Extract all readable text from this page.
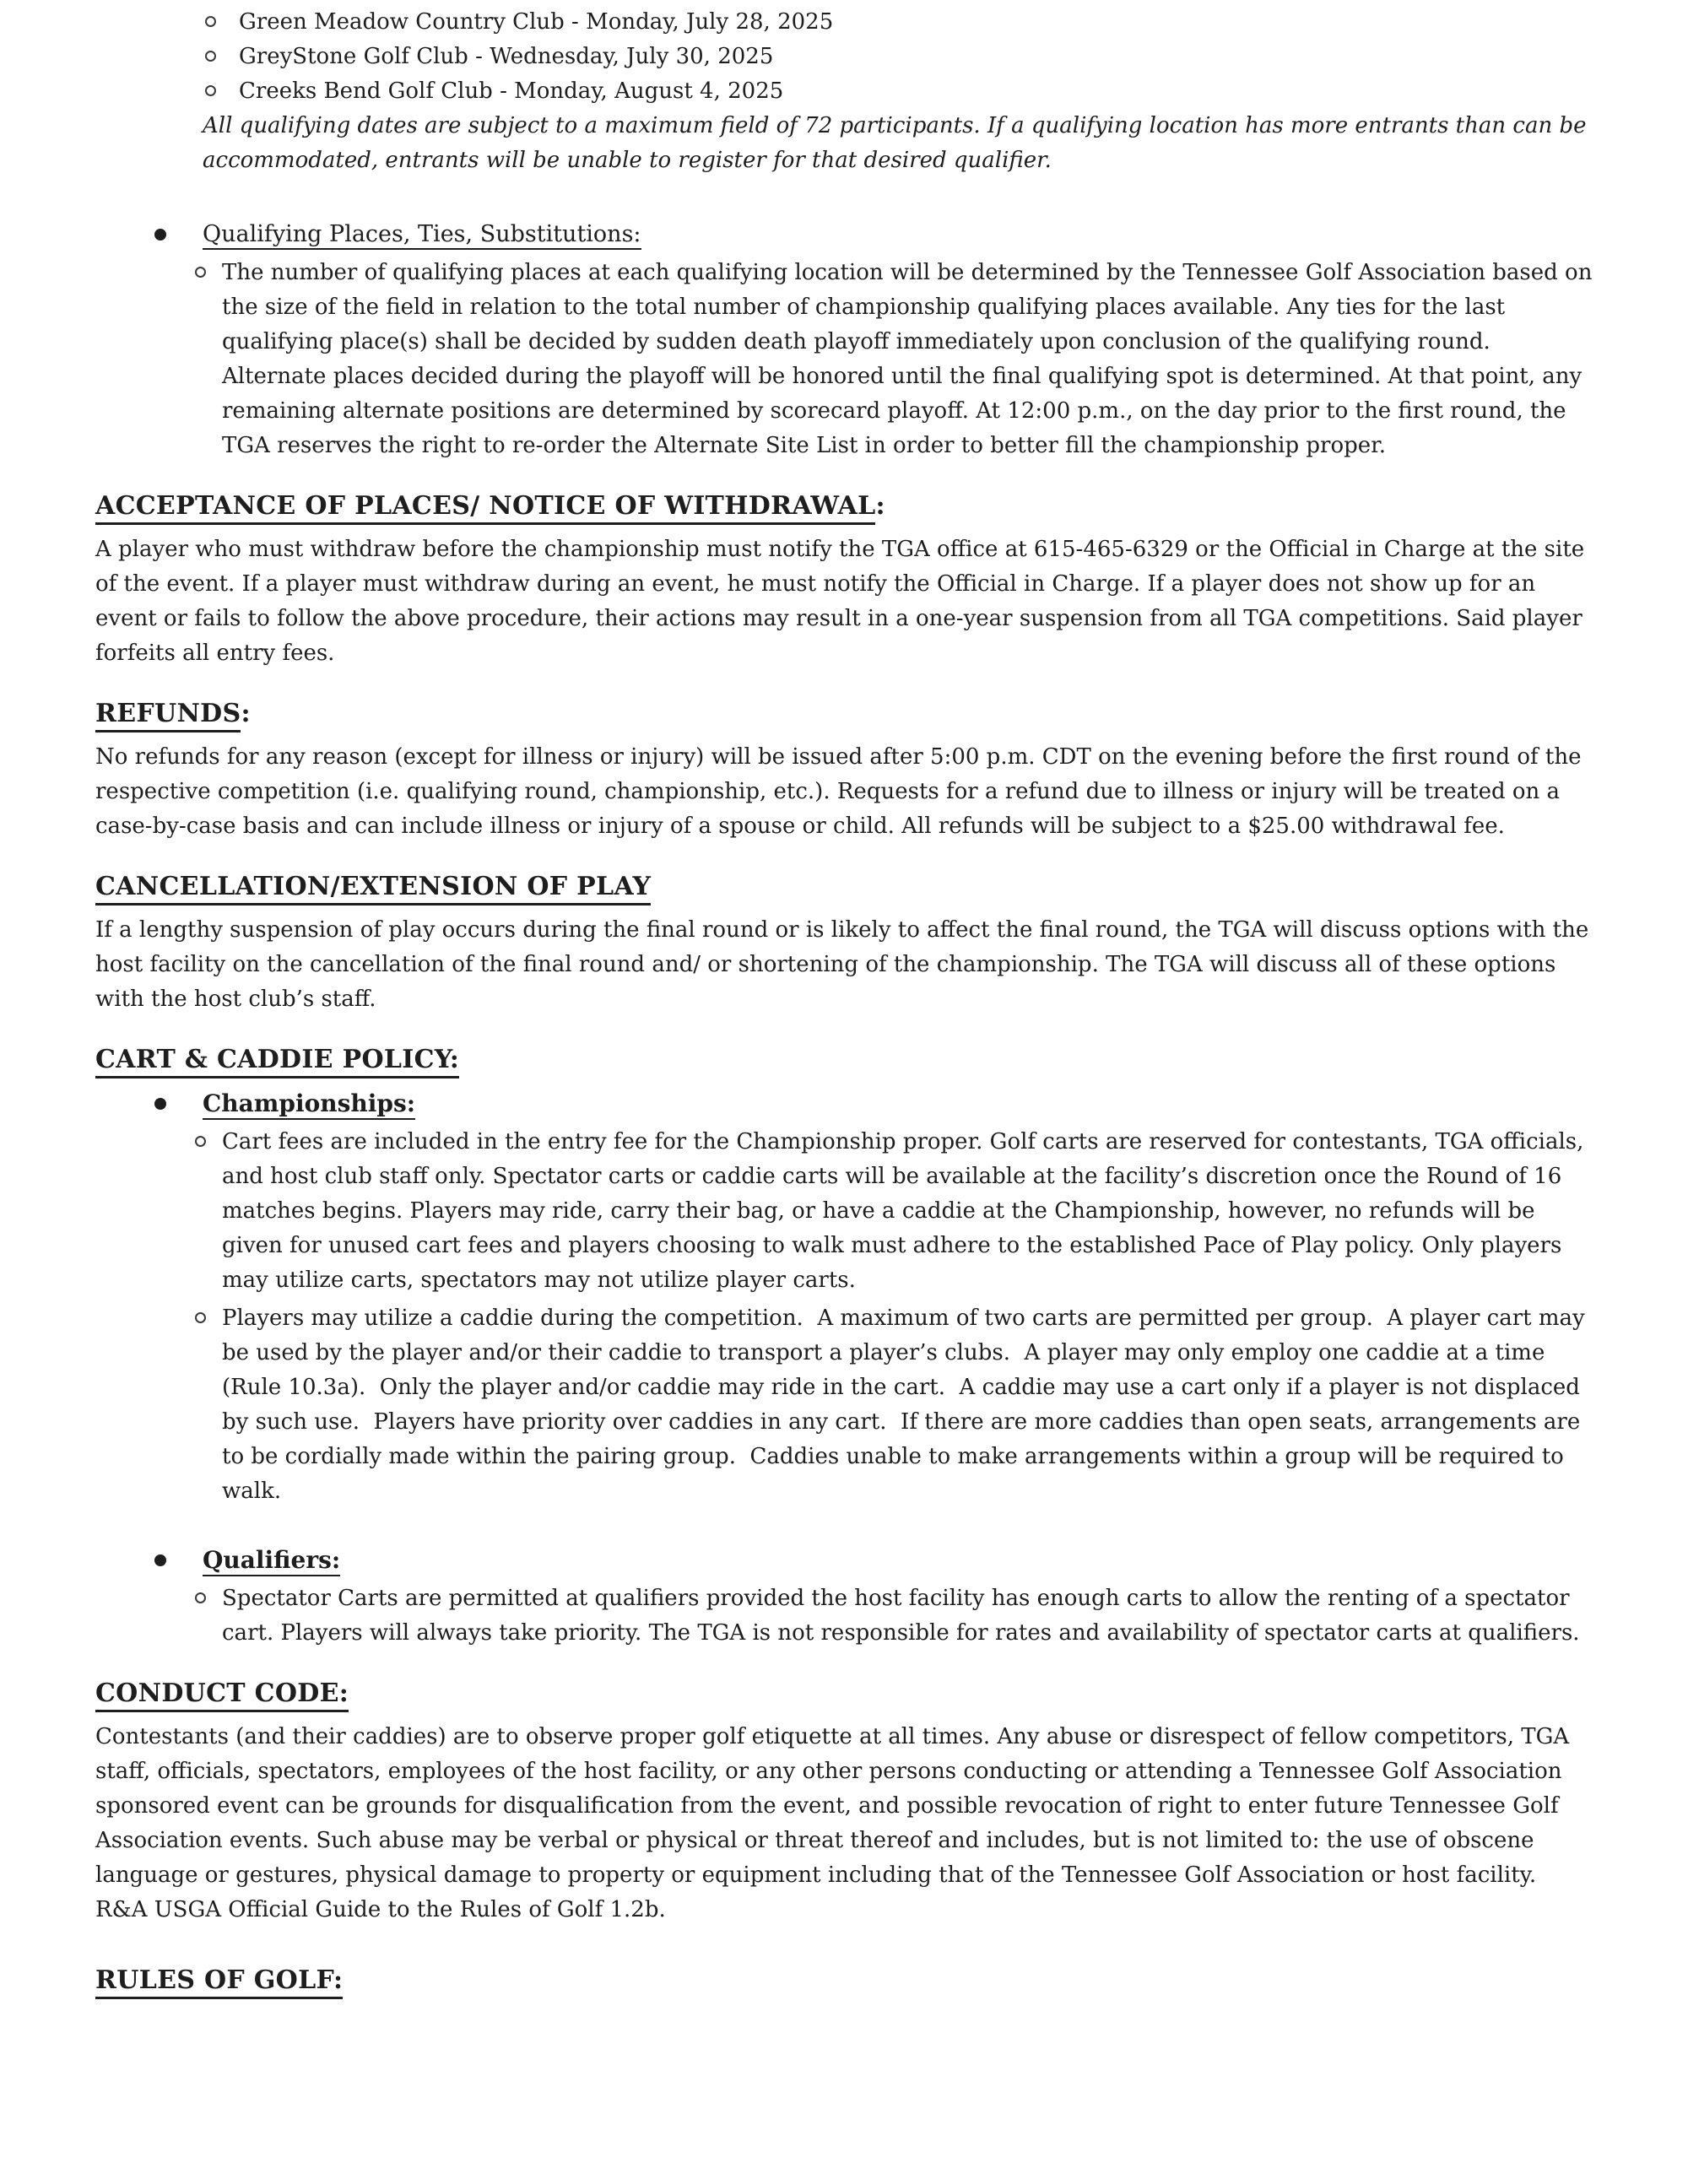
Green Meadow Country Club - Monday, July 28, 2025
GreyStone Golf Club - Wednesday, July 30, 2025
Creeks Bend Golf Club - Monday, August 4, 2025
All qualifying dates are subject to a maximum field of 72 participants. If a qualifying location has more entrants than can be accommodated, entrants will be unable to register for that desired qualifier.
Qualifying Places, Ties, Substitutions:
The number of qualifying places at each qualifying location will be determined by the Tennessee Golf Association based on the size of the field in relation to the total number of championship qualifying places available. Any ties for the last qualifying place(s) shall be decided by sudden death playoff immediately upon conclusion of the qualifying round. Alternate places decided during the playoff will be honored until the final qualifying spot is determined. At that point, any remaining alternate positions are determined by scorecard playoff. At 12:00 p.m., on the day prior to the first round, the TGA reserves the right to re-order the Alternate Site List in order to better fill the championship proper.
ACCEPTANCE OF PLACES/ NOTICE OF WITHDRAWAL:
A player who must withdraw before the championship must notify the TGA office at 615-465-6329 or the Official in Charge at the site of the event. If a player must withdraw during an event, he must notify the Official in Charge. If a player does not show up for an event or fails to follow the above procedure, their actions may result in a one-year suspension from all TGA competitions. Said player forfeits all entry fees.
REFUNDS:
No refunds for any reason (except for illness or injury) will be issued after 5:00 p.m. CDT on the evening before the first round of the respective competition (i.e. qualifying round, championship, etc.). Requests for a refund due to illness or injury will be treated on a case-by-case basis and can include illness or injury of a spouse or child. All refunds will be subject to a $25.00 withdrawal fee.
CANCELLATION/EXTENSION OF PLAY
If a lengthy suspension of play occurs during the final round or is likely to affect the final round, the TGA will discuss options with the host facility on the cancellation of the final round and/ or shortening of the championship. The TGA will discuss all of these options with the host club’s staff.
CART & CADDIE POLICY:
Championships:
Cart fees are included in the entry fee for the Championship proper. Golf carts are reserved for contestants, TGA officials, and host club staff only. Spectator carts or caddie carts will be available at the facility’s discretion once the Round of 16 matches begins. Players may ride, carry their bag, or have a caddie at the Championship, however, no refunds will be given for unused cart fees and players choosing to walk must adhere to the established Pace of Play policy. Only players may utilize carts, spectators may not utilize player carts.
Players may utilize a caddie during the competition.  A maximum of two carts are permitted per group.  A player cart may be used by the player and/or their caddie to transport a player’s clubs.  A player may only employ one caddie at a time (Rule 10.3a).  Only the player and/or caddie may ride in the cart.  A caddie may use a cart only if a player is not displaced by such use.  Players have priority over caddies in any cart.  If there are more caddies than open seats, arrangements are to be cordially made within the pairing group.  Caddies unable to make arrangements within a group will be required to walk.
Qualifiers:
Spectator Carts are permitted at qualifiers provided the host facility has enough carts to allow the renting of a spectator cart. Players will always take priority. The TGA is not responsible for rates and availability of spectator carts at qualifiers.
CONDUCT CODE:
Contestants (and their caddies) are to observe proper golf etiquette at all times. Any abuse or disrespect of fellow competitors, TGA staff, officials, spectators, employees of the host facility, or any other persons conducting or attending a Tennessee Golf Association sponsored event can be grounds for disqualification from the event, and possible revocation of right to enter future Tennessee Golf Association events. Such abuse may be verbal or physical or threat thereof and includes, but is not limited to: the use of obscene language or gestures, physical damage to property or equipment including that of the Tennessee Golf Association or host facility. R&A USGA Official Guide to the Rules of Golf 1.2b.
RULES OF GOLF:
